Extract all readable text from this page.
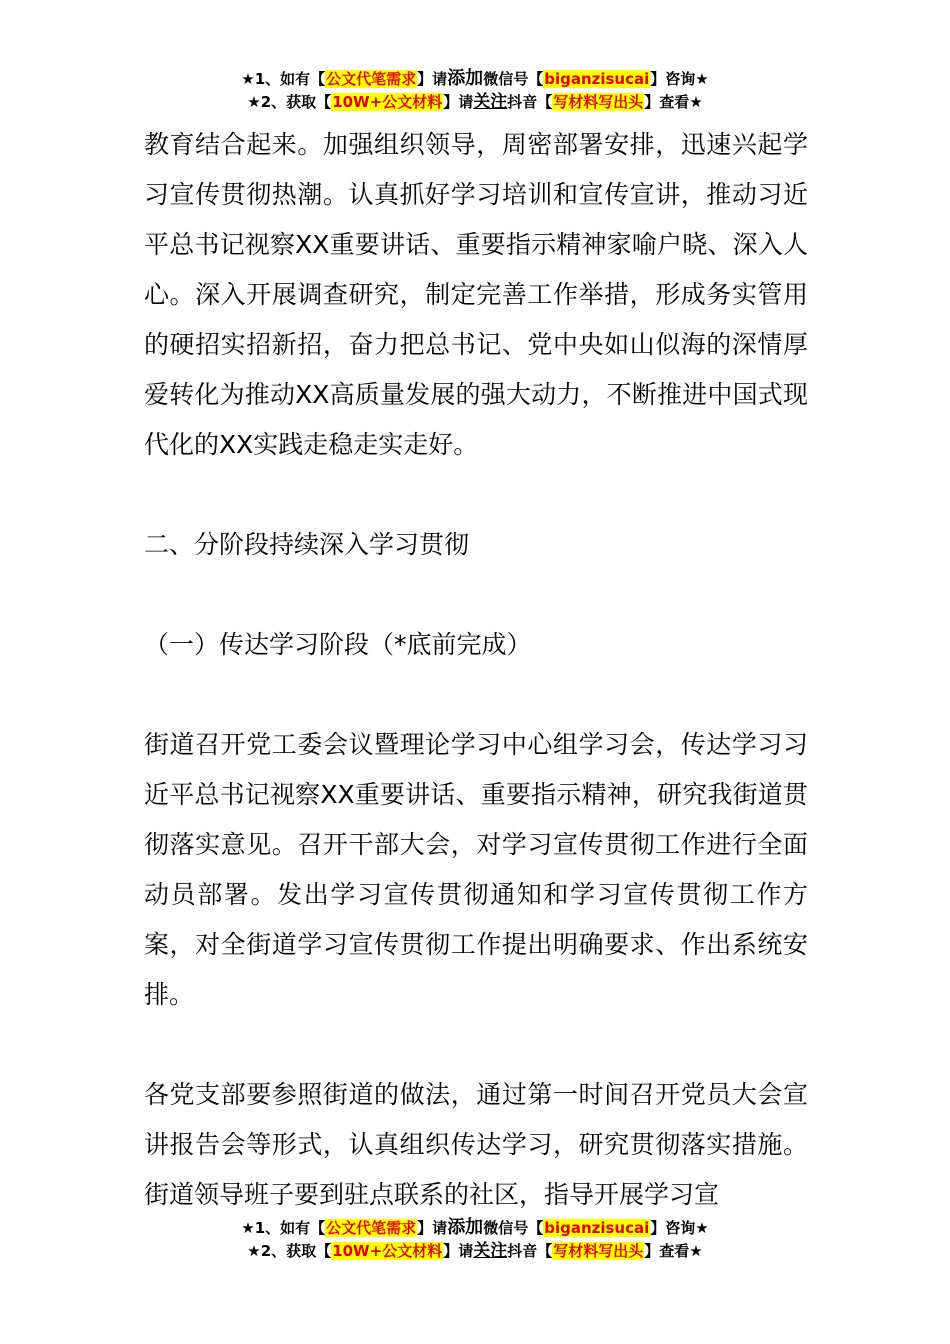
★1、如有【公文代笔需求】请添加微信号【biganzisucai】咨询★
★2、获取【10W+公文材料】请关注抖音【写材料写出头】查看★

教育结合起来。加强组织领导，周密部署安排，迅速兴起学习宣传贯彻热潮。认真抓好学习培训和宣传宣讲，推动习近平总书记视察XX重要讲话、重要指示精神家喻户晓、深入人心。深入开展调查研究，制定完善工作举措，形成务实管用的硬招实招新招，奋力把总书记、党中央如山似海的深情厚爱转化为推动XX高质量发展的强大动力，不断推进中国式现代化的XX实践走稳走实走好。

二、分阶段持续深入学习贯彻

（一）传达学习阶段（*底前完成）

街道召开党工委会议暨理论学习中心组学习会，传达学习习近平总书记视察XX重要讲话、重要指示精神，研究我街道贯彻落实意见。召开干部大会，对学习宣传贯彻工作进行全面动员部署。发出学习宣传贯彻通知和学习宣传贯彻工作方案，对全街道学习宣传贯彻工作提出明确要求、作出系统安排。

各党支部要参照街道的做法，通过第一时间召开党员大会宣讲报告会等形式，认真组织传达学习，研究贯彻落实措施。街道领导班子要到驻点联系的社区，指导开展学习宣

★1、如有【公文代笔需求】请添加微信号【biganzisucai】咨询★
★2、获取【10W+公文材料】请关注抖音【写材料写出头】查看★
